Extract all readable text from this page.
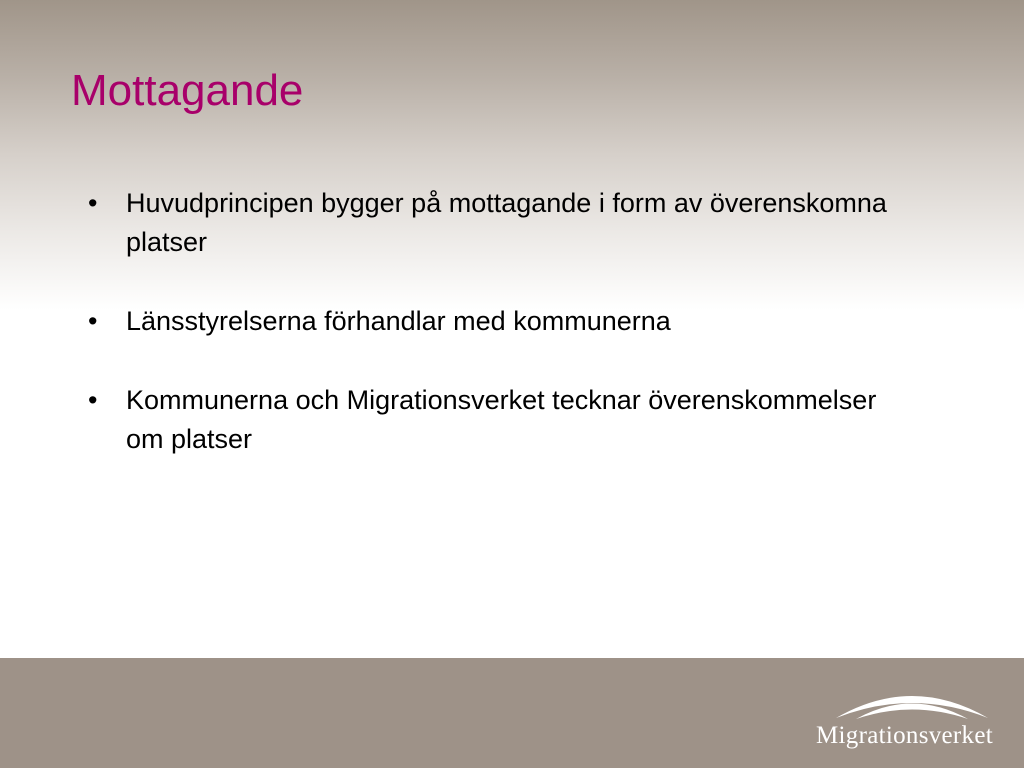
Mottagande
•	Huvudprincipen bygger på mottagande i form av överenskomna platser
•	Länsstyrelserna förhandlar med kommunerna
•	Kommunerna och Migrationsverket tecknar överenskommelser om platser
Migrationsverket
